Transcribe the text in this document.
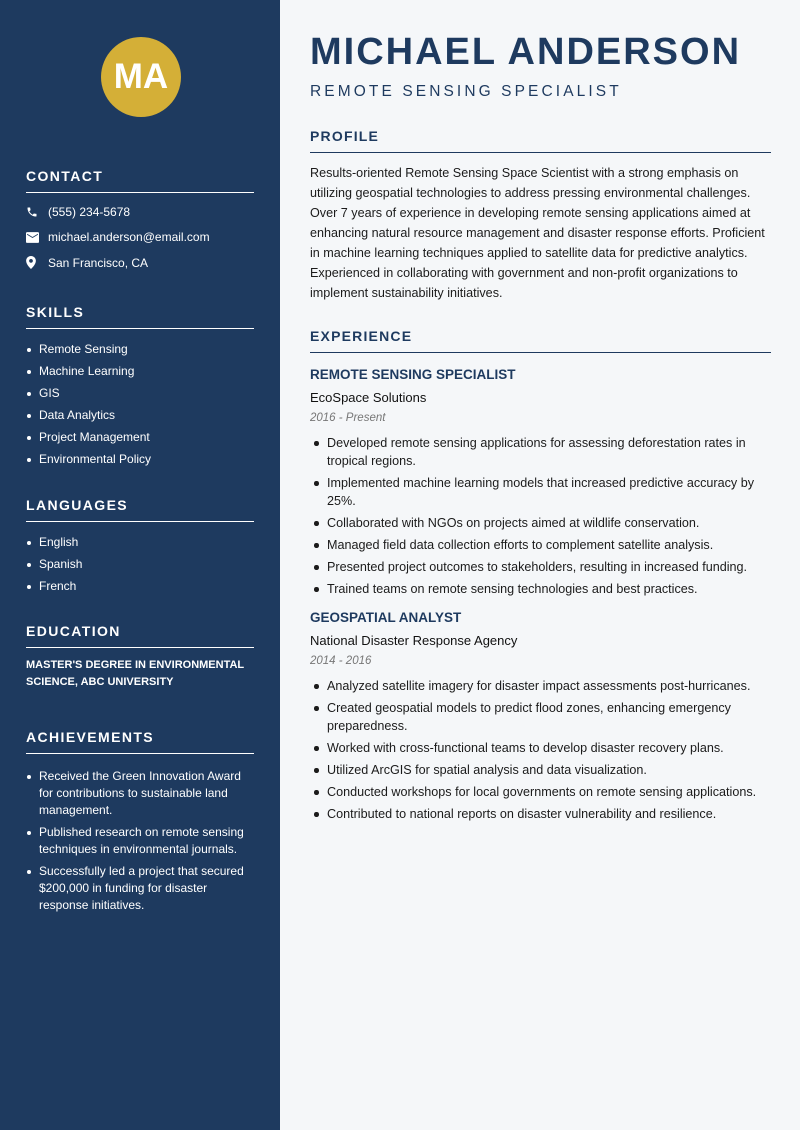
MA
CONTACT
(555) 234-5678
michael.anderson@email.com
San Francisco, CA
SKILLS
Remote Sensing
Machine Learning
GIS
Data Analytics
Project Management
Environmental Policy
LANGUAGES
English
Spanish
French
EDUCATION

MASTER'S DEGREE IN ENVIRONMENTAL SCIENCE, ABC UNIVERSITY

ACHIEVEMENTS
Received the Green Innovation Award for contributions to sustainable land management.
Published research on remote sensing techniques in environmental journals.
Successfully led a project that secured $200,000 in funding for disaster response initiatives.
MICHAEL ANDERSON
REMOTE SENSING SPECIALIST
PROFILE

Results-oriented Remote Sensing Space Scientist with a strong emphasis on utilizing geospatial technologies to address pressing environmental challenges. Over 7 years of experience in developing remote sensing applications aimed at enhancing natural resource management and disaster response efforts. Proficient in machine learning techniques applied to satellite data for predictive analytics. Experienced in collaborating with government and non-profit organizations to implement sustainability initiatives.

EXPERIENCE
REMOTE SENSING SPECIALIST
EcoSpace Solutions
2016 - Present
Developed remote sensing applications for assessing deforestation rates in tropical regions.
Implemented machine learning models that increased predictive accuracy by 25%.
Collaborated with NGOs on projects aimed at wildlife conservation.
Managed field data collection efforts to complement satellite analysis.
Presented project outcomes to stakeholders, resulting in increased funding.
Trained teams on remote sensing technologies and best practices.
GEOSPATIAL ANALYST
National Disaster Response Agency
2014 - 2016
Analyzed satellite imagery for disaster impact assessments post-hurricanes.
Created geospatial models to predict flood zones, enhancing emergency preparedness.
Worked with cross-functional teams to develop disaster recovery plans.
Utilized ArcGIS for spatial analysis and data visualization.
Conducted workshops for local governments on remote sensing applications.
Contributed to national reports on disaster vulnerability and resilience.
